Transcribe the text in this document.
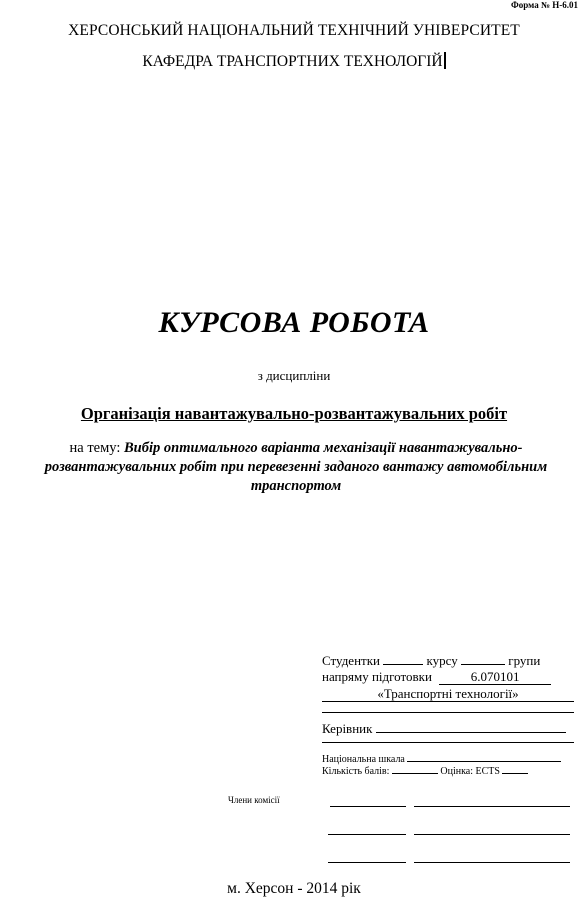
Форма № Н-6.01
ХЕРСОНСЬКИЙ НАЦІОНАЛЬНИЙ ТЕХНІЧНИЙ УНІВЕРСИТЕТ
КАФЕДРА ТРАНСПОРТНИХ ТЕХНОЛОГІЙ
КУРСОВА РОБОТА
з дисципліни
Організація навантажувально-розвантажувальних робіт
на тему: Вибір оптимального варіанта механізації навантажувально-розвантажувальних робіт при перевезенні заданого вантажу автомобільним транспортом
Студентки	курсу	групи
напряму підготовки	6.070101
«Транспортні технології»
Керівник
Національна шкала
Кількість балів:	Оцінка: ECTS
Члени комісії
м. Херсон - 2014 рік
